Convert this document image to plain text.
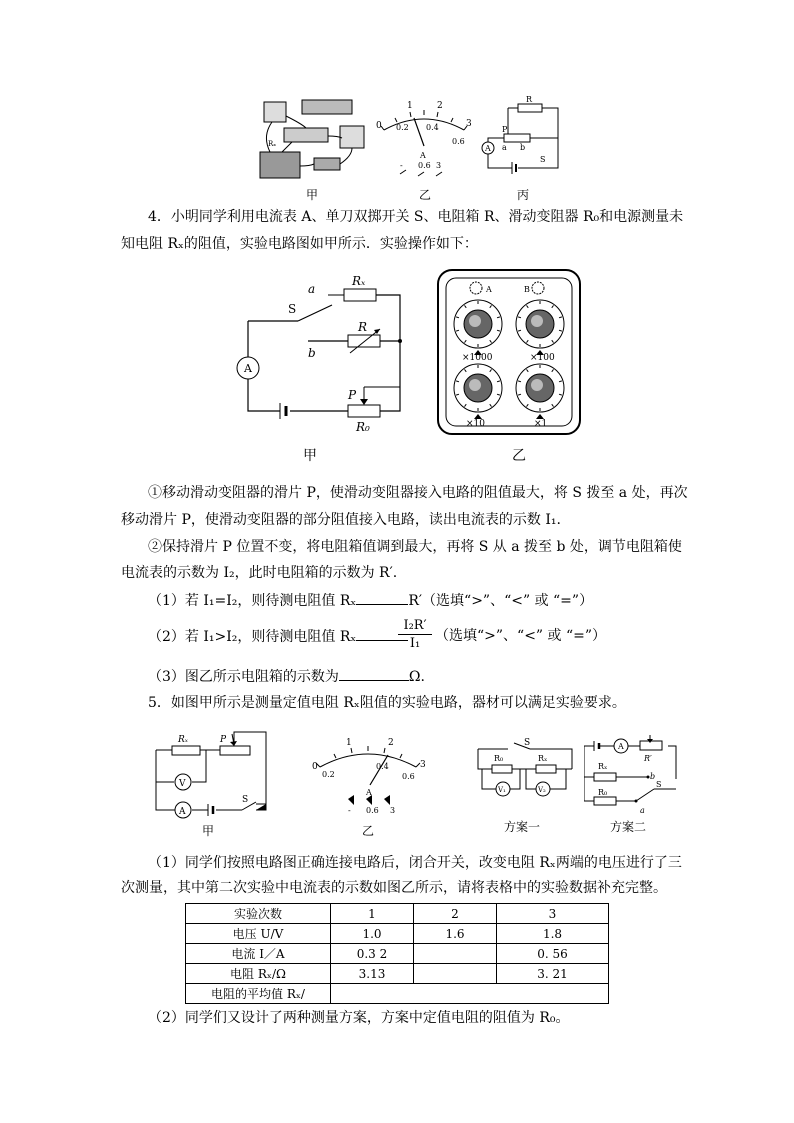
Rₓ
甲
0
1	2
3
0.2 0.4
0.6
A
- 0.6 3
乙
A
R
P
a b
S
丙
4．小明同学利用电流表 A、单刀双掷开关 S、电阻箱 R、滑动变阻器 R₀和电源测量未
知电阻 Rₓ的阻值，实验电路图如甲所示．实验操作如下：
A
a
b
S
Rₓ
R
P
R₀
甲
A	B
×1000	×100
×10	×1
乙
①移动滑动变阻器的滑片 P，使滑动变阻器接入电路的阻值最大，将 S 拨至 a 处，再次
移动滑片 P，使滑动变阻器的部分阻值接入电路，读出电流表的示数 I₁.
②保持滑片 P 位置不变，将电阻箱值调到最大，再将 S 从 a 拨至 b 处，调节电阻箱使
电流表的示数为 I₂，此时电阻箱的示数为 R′.
（1）若 I₁=I₂，则待测电阻值 Rₓ	R′（选填“>”、“<” 或 “=”）
（2）若 I₁>I₂，则待测电阻值 Rₓ	$\frac{\text{I₂R′}}{\text{I₁}}$ （选填“>”、“<” 或 “=”）
（3）图乙所示电阻箱的示数为	Ω.
5．如图甲所示是测量定值电阻 Rₓ阻值的实验电路，器材可以满足实验要求。
Rₓ	P
V
A
S
甲
0
1	2
3
0.2
0.4
0.6
A
- 0.6 3
乙
S
R₀	Rₓ
V₁	V₂
方案一
A
R′
Rₓ
R₀
b
S
a
方案二
（1）同学们按照电路图正确连接电路后，闭合开关，改变电阻 Rₓ两端的电压进行了三
次测量，其中第二次实验中电流表的示数如图乙所示，请将表格中的实验数据补充完整。
实验次数	1	2	3
电压 U/V	1.0	1.6	1.8
电流 I／A	0.3 2		0. 56
电阻 Rₓ/Ω	3.13		3. 21
电阻的平均值 Rₓ/			
（2）同学们又设计了两种测量方案，方案中定值电阻的阻值为 R₀。
